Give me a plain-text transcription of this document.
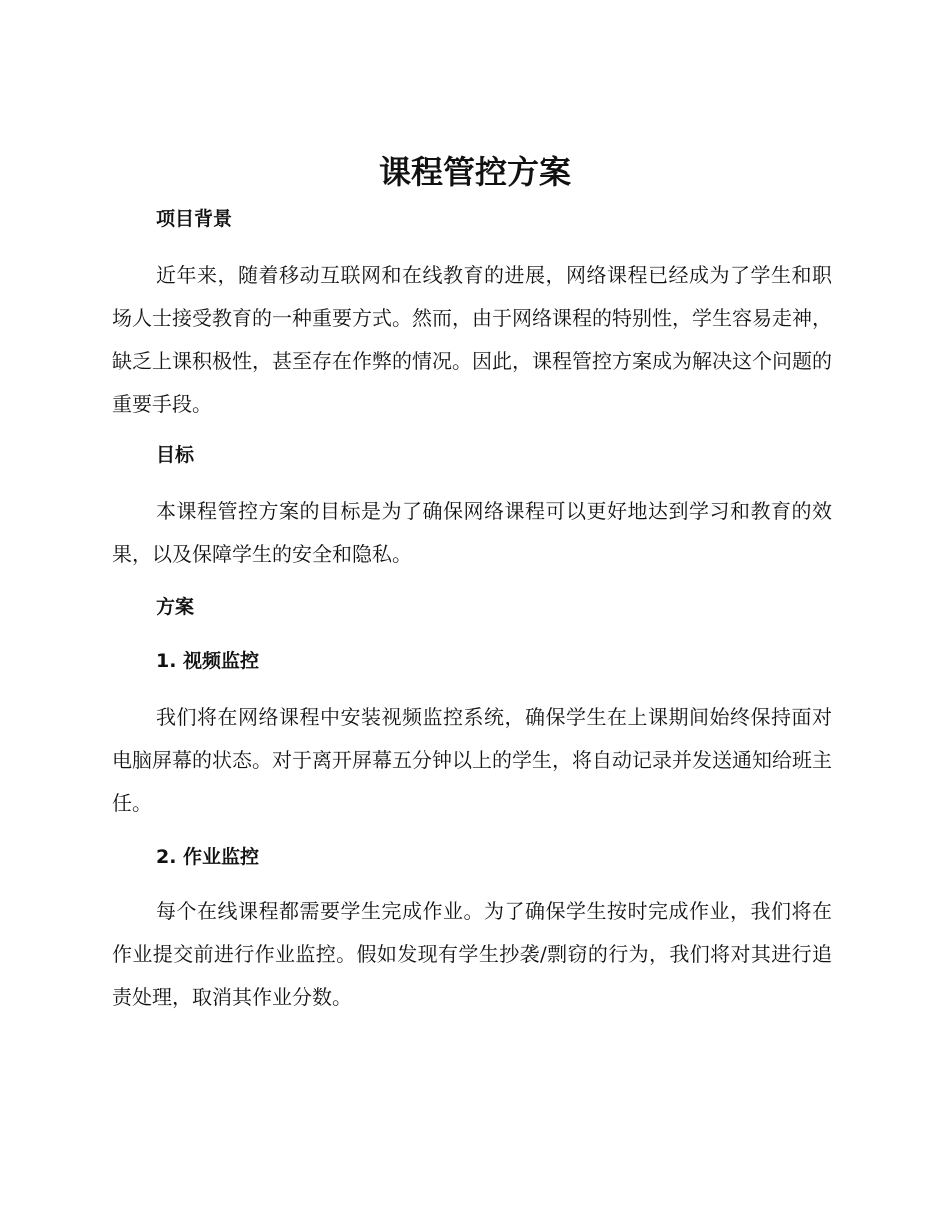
课程管控方案
项目背景
近年来，随着移动互联网和在线教育的进展，网络课程已经成为了学生和职场人士接受教育的一种重要方式。然而，由于网络课程的特别性，学生容易走神，缺乏上课积极性，甚至存在作弊的情况。因此，课程管控方案成为解决这个问题的重要手段。
目标
本课程管控方案的目标是为了确保网络课程可以更好地达到学习和教育的效果，以及保障学生的安全和隐私。
方案
1. 视频监控
我们将在网络课程中安装视频监控系统，确保学生在上课期间始终保持面对电脑屏幕的状态。对于离开屏幕五分钟以上的学生，将自动记录并发送通知给班主任。
2. 作业监控
每个在线课程都需要学生完成作业。为了确保学生按时完成作业，我们将在作业提交前进行作业监控。假如发现有学生抄袭/剽窃的行为，我们将对其进行追责处理，取消其作业分数。
